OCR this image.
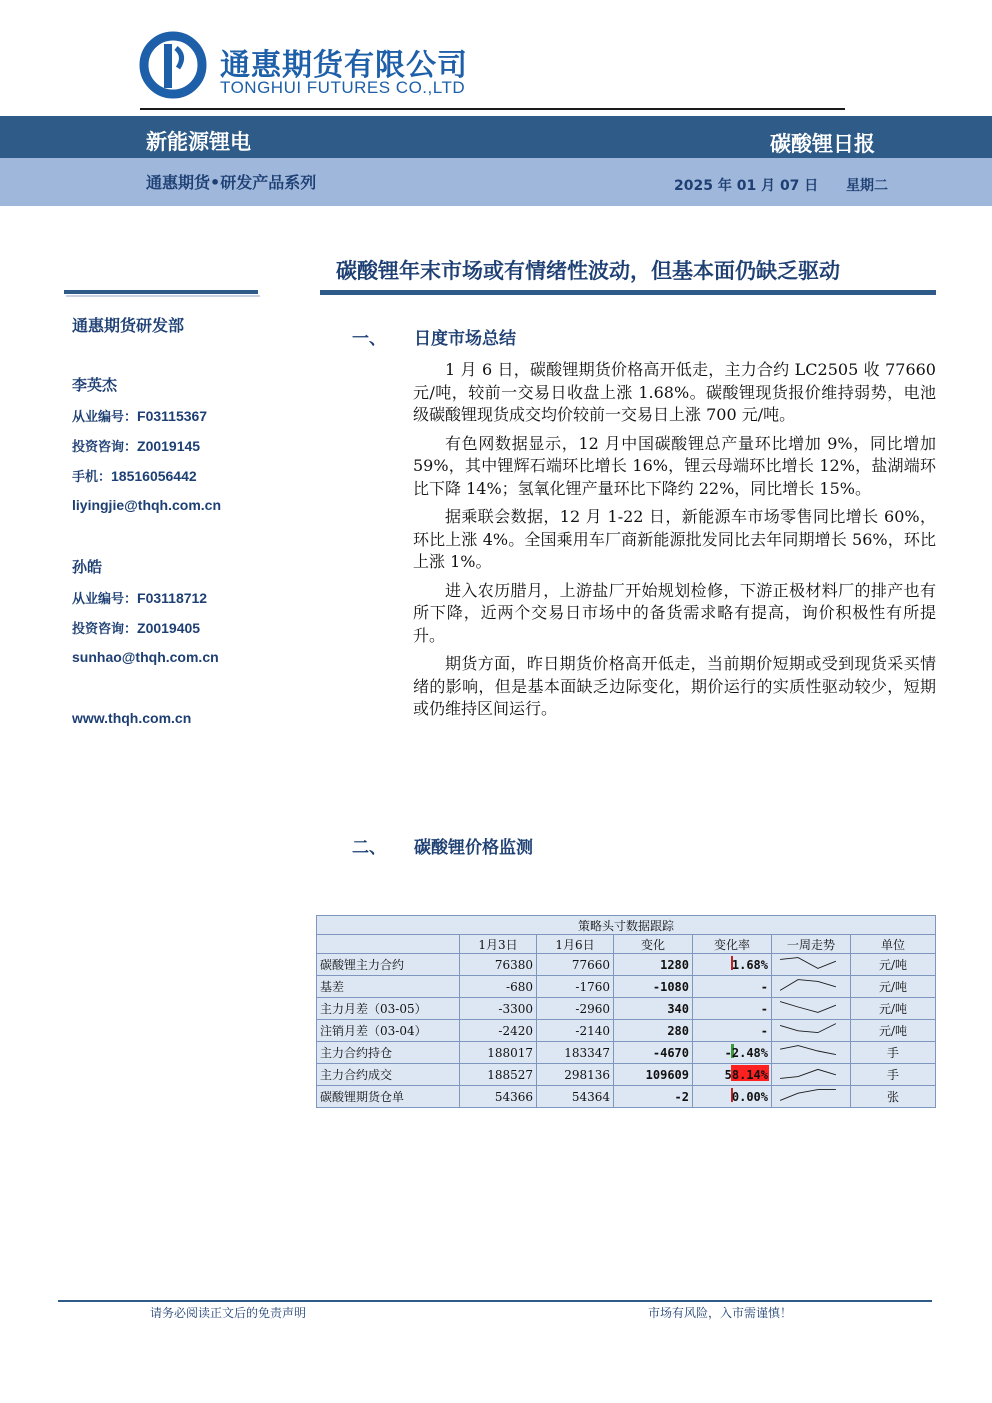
通惠期货有限公司
TONGHUI FUTURES CO.,LTD
新能源锂电	碳酸锂日报
通惠期货•研发产品系列	2025 年 01 月 07 日 星期二
碳酸锂年末市场或有情绪性波动，但基本面仍缺乏驱动
通惠期货研发部
李英杰
从业编号：F03115367
投资咨询：Z0019145
手机：18516056442
liyingjie@thqh.com.cn
孙皓
从业编号：F03118712
投资咨询：Z0019405
sunhao@thqh.com.cn
www.thqh.com.cn
一、 日度市场总结

1 月 6 日，碳酸锂期货价格高开低走，主力合约 LC2505 收 77660 元/吨，较前一交易日收盘上涨 1.68%。碳酸锂现货报价维持弱势，电池级碳酸锂现货成交均价较前一交易日上涨 700 元/吨。

有色网数据显示，12 月中国碳酸锂总产量环比增加 9%，同比增加 59%，其中锂辉石端环比增长 16%，锂云母端环比增长 12%，盐湖端环比下降 14%；氢氧化锂产量环比下降约 22%，同比增长 15%。

据乘联会数据，12 月 1-22 日，新能源车市场零售同比增长 60%，环比上涨 4%。全国乘用车厂商新能源批发同比去年同期增长 56%，环比上涨 1%。

进入农历腊月，上游盐厂开始规划检修，下游正极材料厂的排产也有所下降，近两个交易日市场中的备货需求略有提高，询价积极性有所提升。

期货方面，昨日期货价格高开低走，当前期价短期或受到现货采买情绪的影响，但是基本面缺乏边际变化，期价运行的实质性驱动较少，短期或仍维持区间运行。

二、 碳酸锂价格监测
策略头寸数据跟踪						
	1月3日	1月6日	变化	变化率	一周走势	单位
碳酸锂主力合约	76380	77660	1280	1.68%		元/吨
基差	-680	-1760	-1080	-		元/吨
主力月差（03-05）	-3300	-2960	340	-		元/吨
注销月差（03-04）	-2420	-2140	280	-		元/吨
主力合约持仓	188017	183347	-4670	-2.48%		手
主力合约成交	188527	298136	109609	58.14%		手
碳酸锂期货仓单	54366	54364	-2	0.00%		张
请务必阅读正文后的免责声明	市场有风险，入市需谨慎！
